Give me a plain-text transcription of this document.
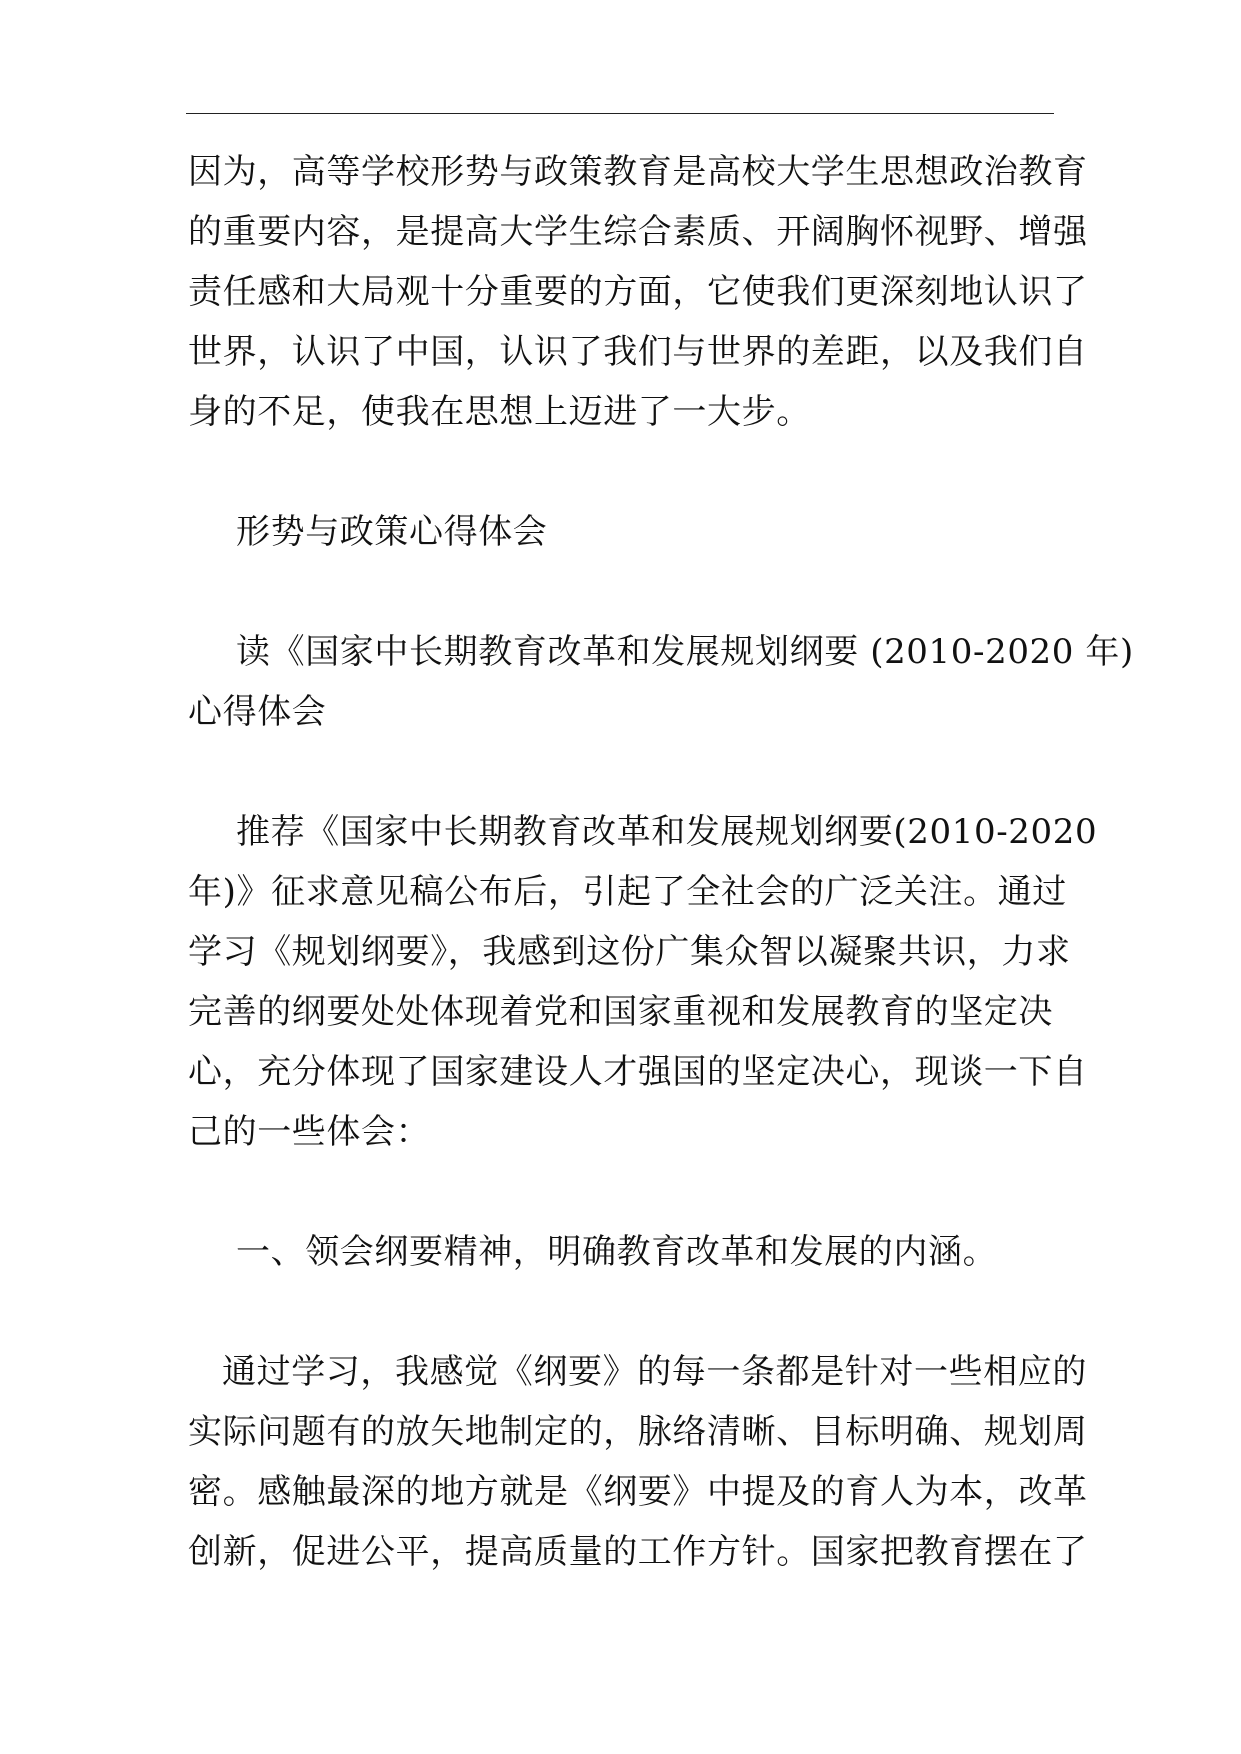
因为，高等学校形势与政策教育是高校大学生思想政治教育
的重要内容，是提高大学生综合素质、开阔胸怀视野、增强
责任感和大局观十分重要的方面，它使我们更深刻地认识了
世界，认识了中国，认识了我们与世界的差距，以及我们自
身的不足，使我在思想上迈进了一大步。
形势与政策心得体会
读《国家中长期教育改革和发展规划纲要 (2010-2020 年)
心得体会
推荐《国家中长期教育改革和发展规划纲要(2010-2020
年)》征求意见稿公布后，引起了全社会的广泛关注。通过
学习《规划纲要》，我感到这份广集众智以凝聚共识，力求
完善的纲要处处体现着党和国家重视和发展教育的坚定决
心，充分体现了国家建设人才强国的坚定决心，现谈一下自
己的一些体会：
一、领会纲要精神，明确教育改革和发展的内涵。
通过学习，我感觉《纲要》的每一条都是针对一些相应的
实际问题有的放矢地制定的，脉络清晰、目标明确、规划周
密。感触最深的地方就是《纲要》中提及的育人为本，改革
创新，促进公平，提高质量的工作方针。国家把教育摆在了
